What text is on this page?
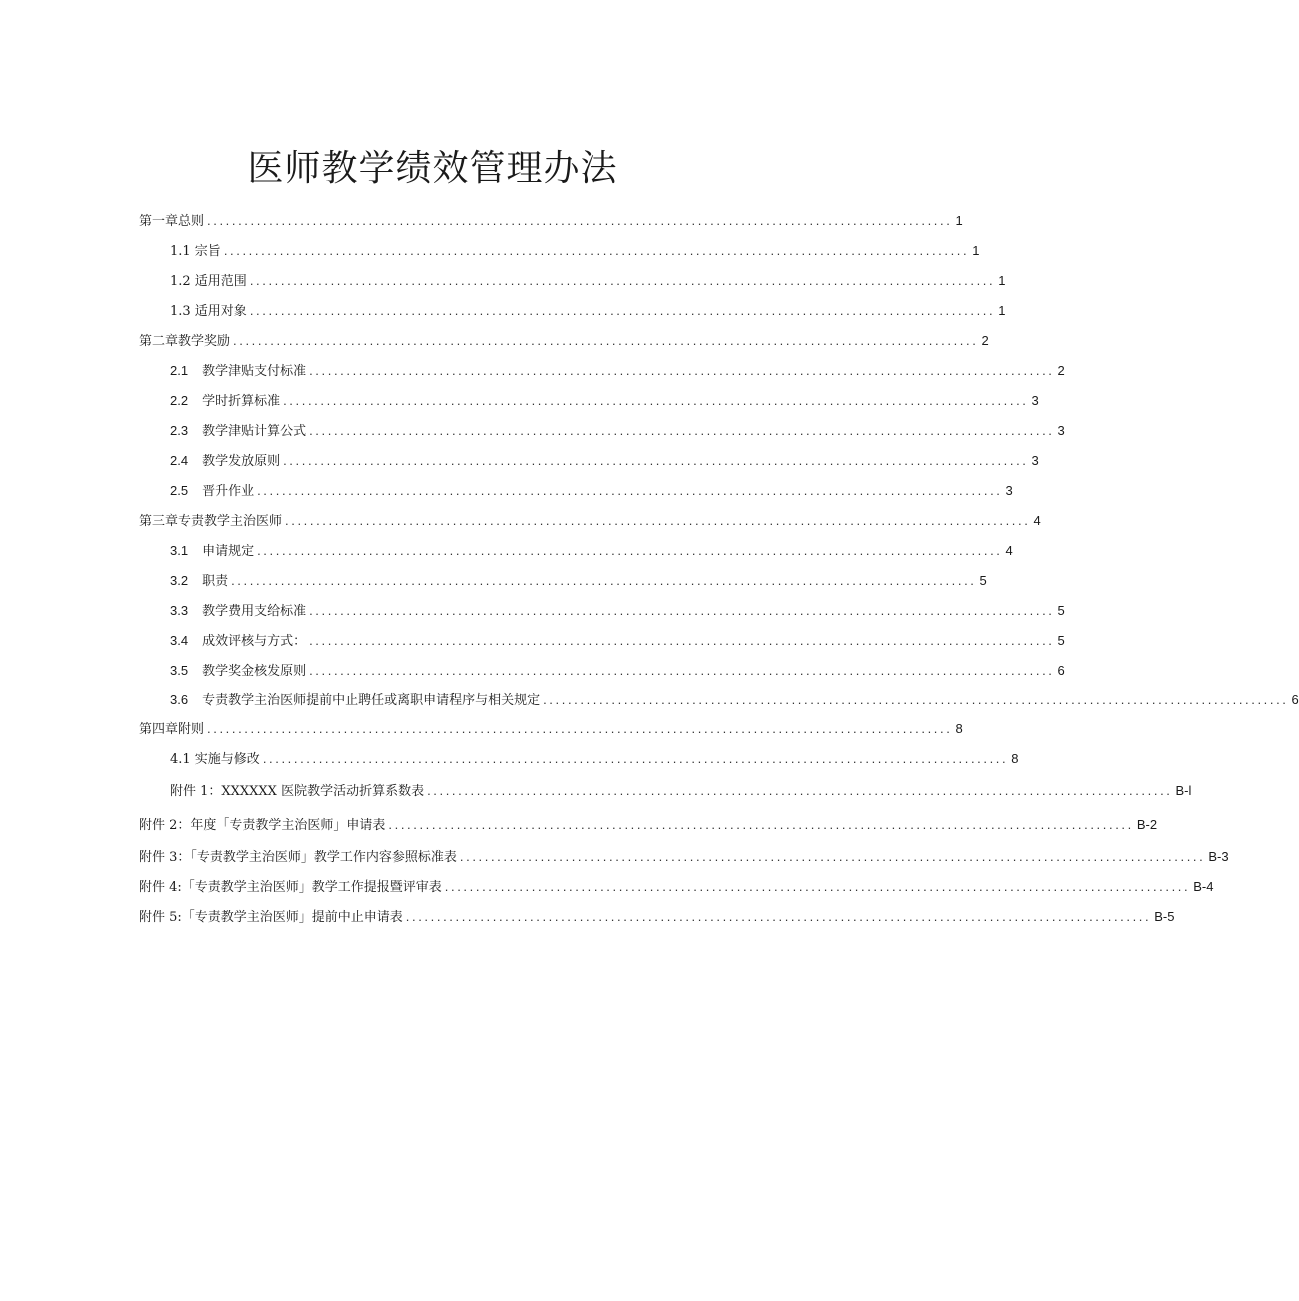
医师教学绩效管理办法
第一章总则 ........................................................................................................................ 1
1.1 宗旨 ........................................................................................................................ 1
1.2 适用范围 ........................................................................................................................ 1
1.3 适用对象 ........................................................................................................................ 1
第二章教学奖励 ........................................................................................................................ 2
2.1 教学津贴支付标准 ........................................................................................................................ 2
2.2 学时折算标准 ........................................................................................................................ 3
2.3 教学津贴计算公式 ........................................................................................................................ 3
2.4 教学发放原则 ........................................................................................................................ 3
2.5 晋升作业 ........................................................................................................................ 3
第三章专责教学主治医师 ........................................................................................................................ 4
3.1 申请规定 ........................................................................................................................ 4
3.2 职责 ........................................................................................................................ 5
3.3 教学费用支给标准 ........................................................................................................................ 5
3.4 成效评核与方式： ........................................................................................................................ 5
3.5 教学奖金核发原则 ........................................................................................................................ 6
3.6 专责教学主治医师提前中止聘任或离职申请程序与相关规定 ........................................................................................................................ 6
第四章附则 ........................................................................................................................ 8
4.1 实施与修改 ........................................................................................................................ 8
附件 1：XXXXXX 医院教学活动折算系数表 ........................................................................................................................ B-l
附件 2：年度「专责教学主治医师」申请表 ........................................................................................................................ B-2
附件 3：「专责教学主治医师」教学工作内容参照标准表 ........................................................................................................................ B-3
附件 4:「专责教学主治医师」教学工作提报暨评审表 ........................................................................................................................ B-4
附件 5:「专责教学主治医师」提前中止申请表 ........................................................................................................................ B-5
